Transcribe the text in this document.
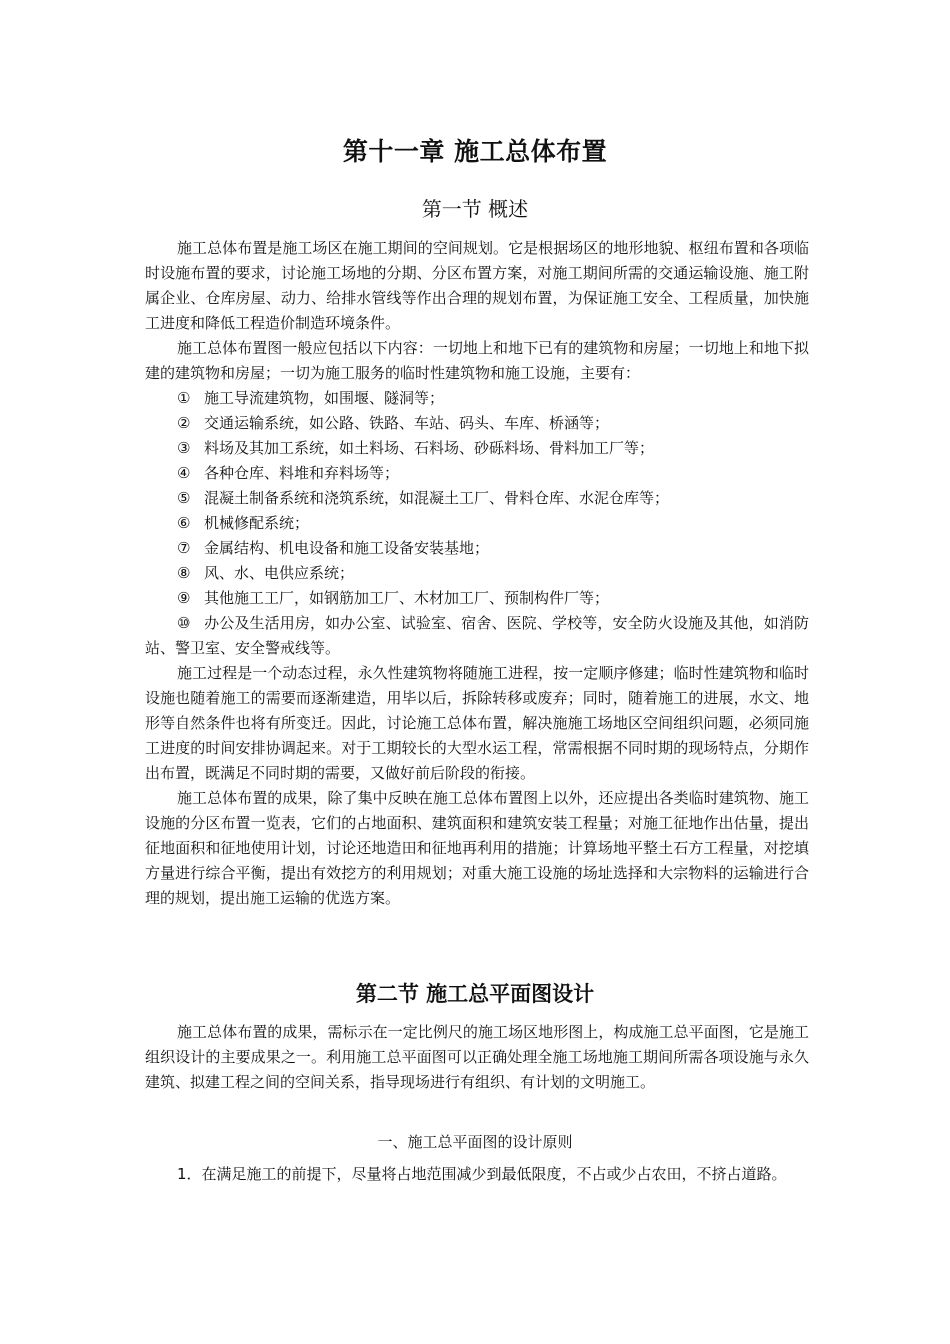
第十一章 施工总体布置
第一节 概述

施工总体布置是施工场区在施工期间的空间规划。它是根据场区的地形地貌、枢纽布置和各项临时设施布置的要求，讨论施工场地的分期、分区布置方案，对施工期间所需的交通运输设施、施工附属企业、仓库房屋、动力、给排水管线等作出合理的规划布置，为保证施工安全、工程质量，加快施工进度和降低工程造价制造环境条件。

施工总体布置图一般应包括以下内容：一切地上和地下已有的建筑物和房屋；一切地上和地下拟建的建筑物和房屋；一切为施工服务的临时性建筑物和施工设施，主要有：

① 施工导流建筑物，如围堰、隧洞等；

② 交通运输系统，如公路、铁路、车站、码头、车库、桥涵等；

③ 料场及其加工系统，如土料场、石料场、砂砾料场、骨料加工厂等；

④ 各种仓库、料堆和弃料场等；

⑤ 混凝土制备系统和浇筑系统，如混凝土工厂、骨料仓库、水泥仓库等；

⑥ 机械修配系统；

⑦ 金属结构、机电设备和施工设备安装基地；

⑧ 风、水、电供应系统；

⑨ 其他施工工厂，如钢筋加工厂、木材加工厂、预制构件厂等；

⑩ 办公及生活用房，如办公室、试验室、宿舍、医院、学校等，安全防火设施及其他，如消防站、警卫室、安全警戒线等。

施工过程是一个动态过程，永久性建筑物将随施工进程，按一定顺序修建；临时性建筑物和临时设施也随着施工的需要而逐渐建造，用毕以后，拆除转移或废弃；同时，随着施工的进展，水文、地形等自然条件也将有所变迁。因此，讨论施工总体布置，解决施施工场地区空间组织问题，必须同施工进度的时间安排协调起来。对于工期较长的大型水运工程，常需根据不同时期的现场特点，分期作出布置，既满足不同时期的需要，又做好前后阶段的衔接。

施工总体布置的成果，除了集中反映在施工总体布置图上以外，还应提出各类临时建筑物、施工设施的分区布置一览表，它们的占地面积、建筑面积和建筑安装工程量；对施工征地作出估量，提出征地面积和征地使用计划，讨论还地造田和征地再利用的措施；计算场地平整土石方工程量，对挖填方量进行综合平衡，提出有效挖方的利用规划；对重大施工设施的场址选择和大宗物料的运输进行合理的规划，提出施工运输的优选方案。

第二节 施工总平面图设计

施工总体布置的成果，需标示在一定比例尺的施工场区地形图上，构成施工总平面图，它是施工组织设计的主要成果之一。利用施工总平面图可以正确处理全施工场地施工期间所需各项设施与永久建筑、拟建工程之间的空间关系，指导现场进行有组织、有计划的文明施工。

一、施工总平面图的设计原则

1．在满足施工的前提下，尽量将占地范围减少到最低限度，不占或少占农田，不挤占道路。
